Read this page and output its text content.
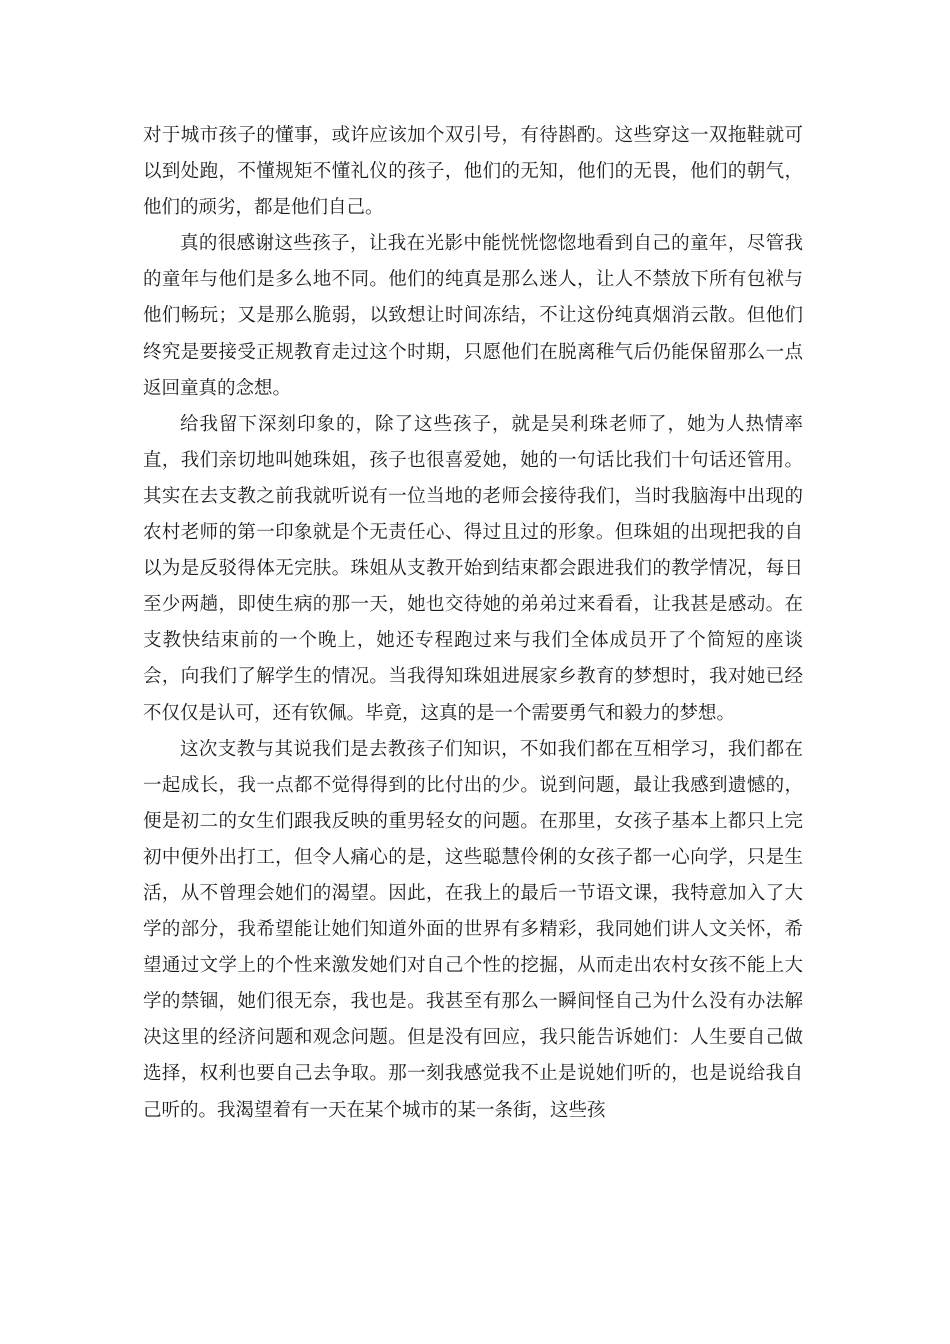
对于城市孩子的懂事，或许应该加个双引号，有待斟酌。这些穿这一双拖鞋就可以到处跑，不懂规矩不懂礼仪的孩子，他们的无知，他们的无畏，他们的朝气，他们的顽劣，都是他们自己。

真的很感谢这些孩子，让我在光影中能恍恍惚惚地看到自己的童年，尽管我的童年与他们是多么地不同。他们的纯真是那么迷人，让人不禁放下所有包袱与他们畅玩；又是那么脆弱，以致想让时间冻结，不让这份纯真烟消云散。但他们终究是要接受正规教育走过这个时期，只愿他们在脱离稚气后仍能保留那么一点返回童真的念想。

给我留下深刻印象的，除了这些孩子，就是吴利珠老师了，她为人热情率直，我们亲切地叫她珠姐，孩子也很喜爱她，她的一句话比我们十句话还管用。其实在去支教之前我就听说有一位当地的老师会接待我们，当时我脑海中出现的农村老师的第一印象就是个无责任心、得过且过的形象。但珠姐的出现把我的自以为是反驳得体无完肤。珠姐从支教开始到结束都会跟进我们的教学情况，每日至少两趟，即使生病的那一天，她也交待她的弟弟过来看看，让我甚是感动。在支教快结束前的一个晚上，她还专程跑过来与我们全体成员开了个简短的座谈会，向我们了解学生的情况。当我得知珠姐进展家乡教育的梦想时，我对她已经不仅仅是认可，还有钦佩。毕竟，这真的是一个需要勇气和毅力的梦想。

这次支教与其说我们是去教孩子们知识，不如我们都在互相学习，我们都在一起成长，我一点都不觉得得到的比付出的少。说到问题，最让我感到遗憾的，便是初二的女生们跟我反映的重男轻女的问题。在那里，女孩子基本上都只上完初中便外出打工，但令人痛心的是，这些聪慧伶俐的女孩子都一心向学，只是生活，从不曾理会她们的渴望。因此，在我上的最后一节语文课，我特意加入了大学的部分，我希望能让她们知道外面的世界有多精彩，我同她们讲人文关怀，希望通过文学上的个性来激发她们对自己个性的挖掘，从而走出农村女孩不能上大学的禁锢，她们很无奈，我也是。我甚至有那么一瞬间怪自己为什么没有办法解决这里的经济问题和观念问题。但是没有回应，我只能告诉她们：人生要自己做选择，权利也要自己去争取。那一刻我感觉我不止是说她们听的，也是说给我自己听的。我渴望着有一天在某个城市的某一条街，这些孩
